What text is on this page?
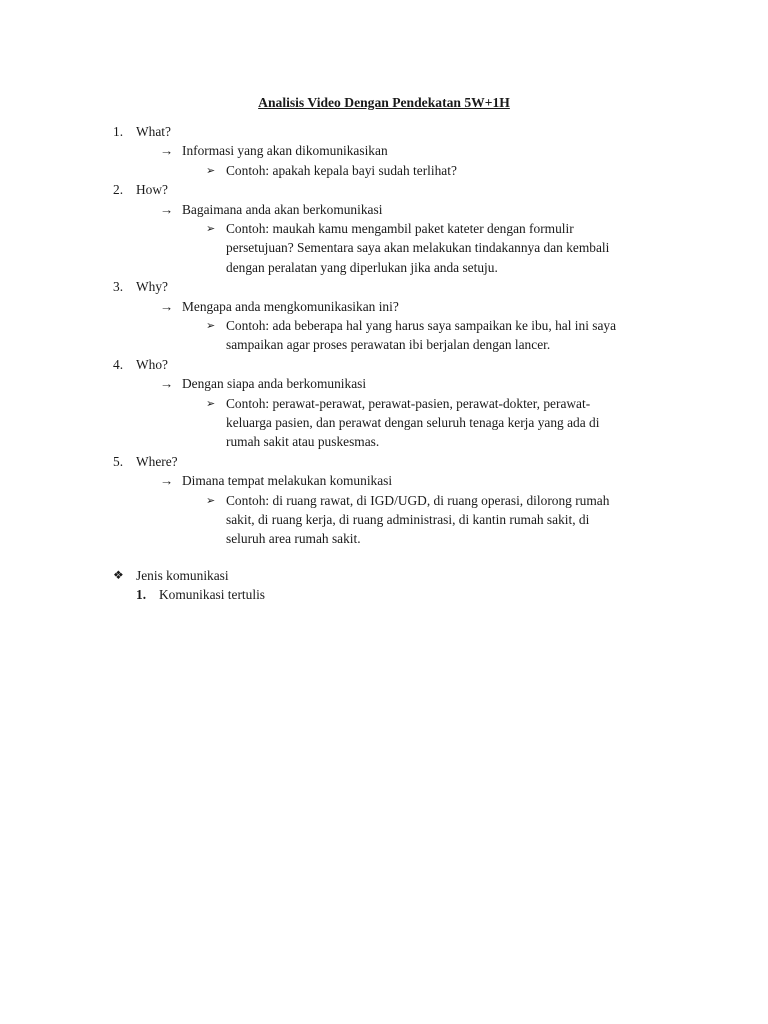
Analisis Video Dengan Pendekatan 5W+1H
1. What?
→ Informasi yang akan dikomunikasikan
➢ Contoh: apakah kepala bayi sudah terlihat?
2. How?
→ Bagaimana anda akan berkomunikasi
➢ Contoh: maukah kamu mengambil paket kateter dengan formulir
persetujuan? Sementara saya akan melakukan tindakannya dan kembali
dengan peralatan yang diperlukan jika anda setuju.
3. Why?
→ Mengapa anda mengkomunikasikan ini?
➢ Contoh: ada beberapa hal yang harus saya sampaikan ke ibu, hal ini saya
sampaikan agar proses perawatan ibi berjalan dengan lancer.
4. Who?
→ Dengan siapa anda berkomunikasi
➢ Contoh: perawat-perawat, perawat-pasien, perawat-dokter, perawat-
keluarga pasien, dan perawat dengan seluruh tenaga kerja yang ada di
rumah sakit atau puskesmas.
5. Where?
→ Dimana tempat melakukan komunikasi
➢ Contoh: di ruang rawat, di IGD/UGD, di ruang operasi, dilorong rumah
sakit, di ruang kerja, di ruang administrasi, di kantin rumah sakit, di
seluruh area rumah sakit.
❖ Jenis komunikasi
1. Komunikasi tertulis
